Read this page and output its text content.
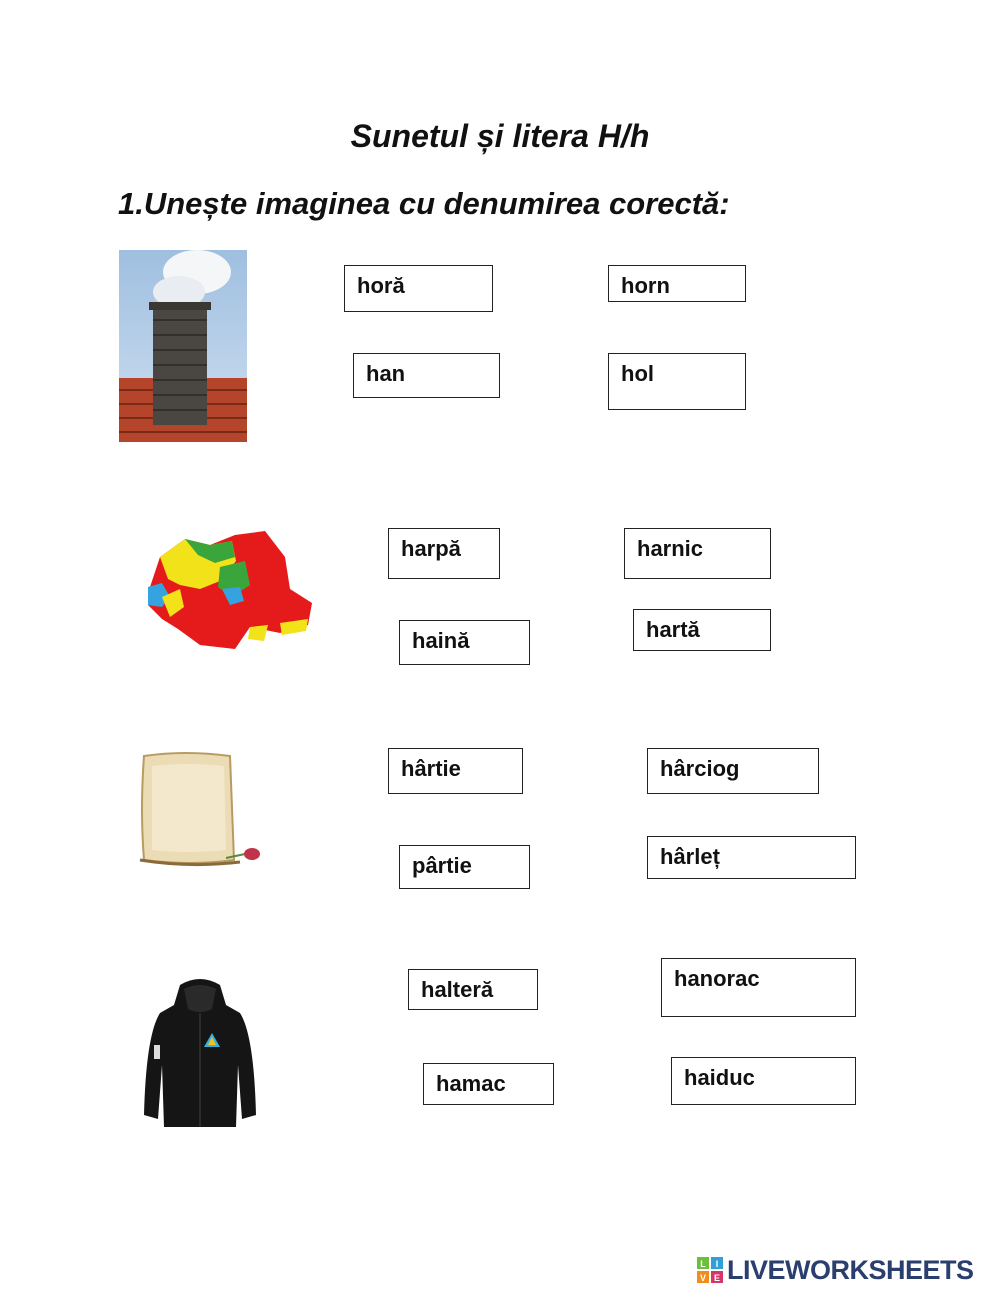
Sunetul și litera H/h
1.Unește imaginea cu denumirea corectă:
horă	horn
han	hol
harpă	harnic
haină	hartă
hârtie	hârciog
pârtie	hârleț
halteră	hanorac
hamac	haiduc
L I
V E LIVEWORKSHEETS
